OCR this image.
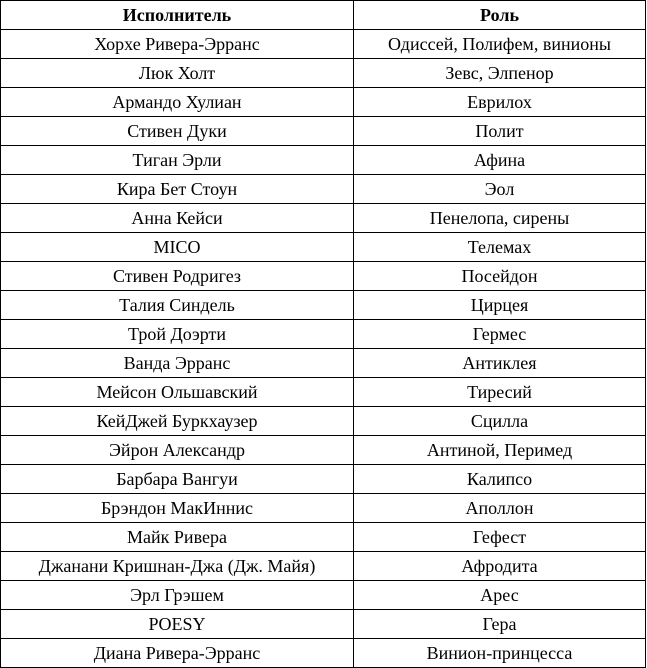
Исполнитель	Роль
Хорхе Ривера-Эрранс	Одиссей, Полифем, винионы
Люк Холт	Зевс, Элпенор
Армандо Хулиан	Еврилох
Стивен Дуки	Полит
Тиган Эрли	Афина
Кира Бет Стоун	Эол
Анна Кейси	Пенелопа, сирены
MICO	Телемах
Стивен Родригез	Посейдон
Талия Синдель	Цирцея
Трой Доэрти	Гермес
Ванда Эрранс	Антиклея
Мейсон Ольшавский	Тиресий
КейДжей Буркхаузер	Сцилла
Эйрон Александр	Антиной, Перимед
Барбара Вангуи	Калипсо
Брэндон МакИннис	Аполлон
Майк Ривера	Гефест
Джанани Кришнан-Джа (Дж. Майя)	Афродита
Эрл Грэшем	Арес
POESY	Гера
Диана Ривера-Эрранс	Винион-принцесса
